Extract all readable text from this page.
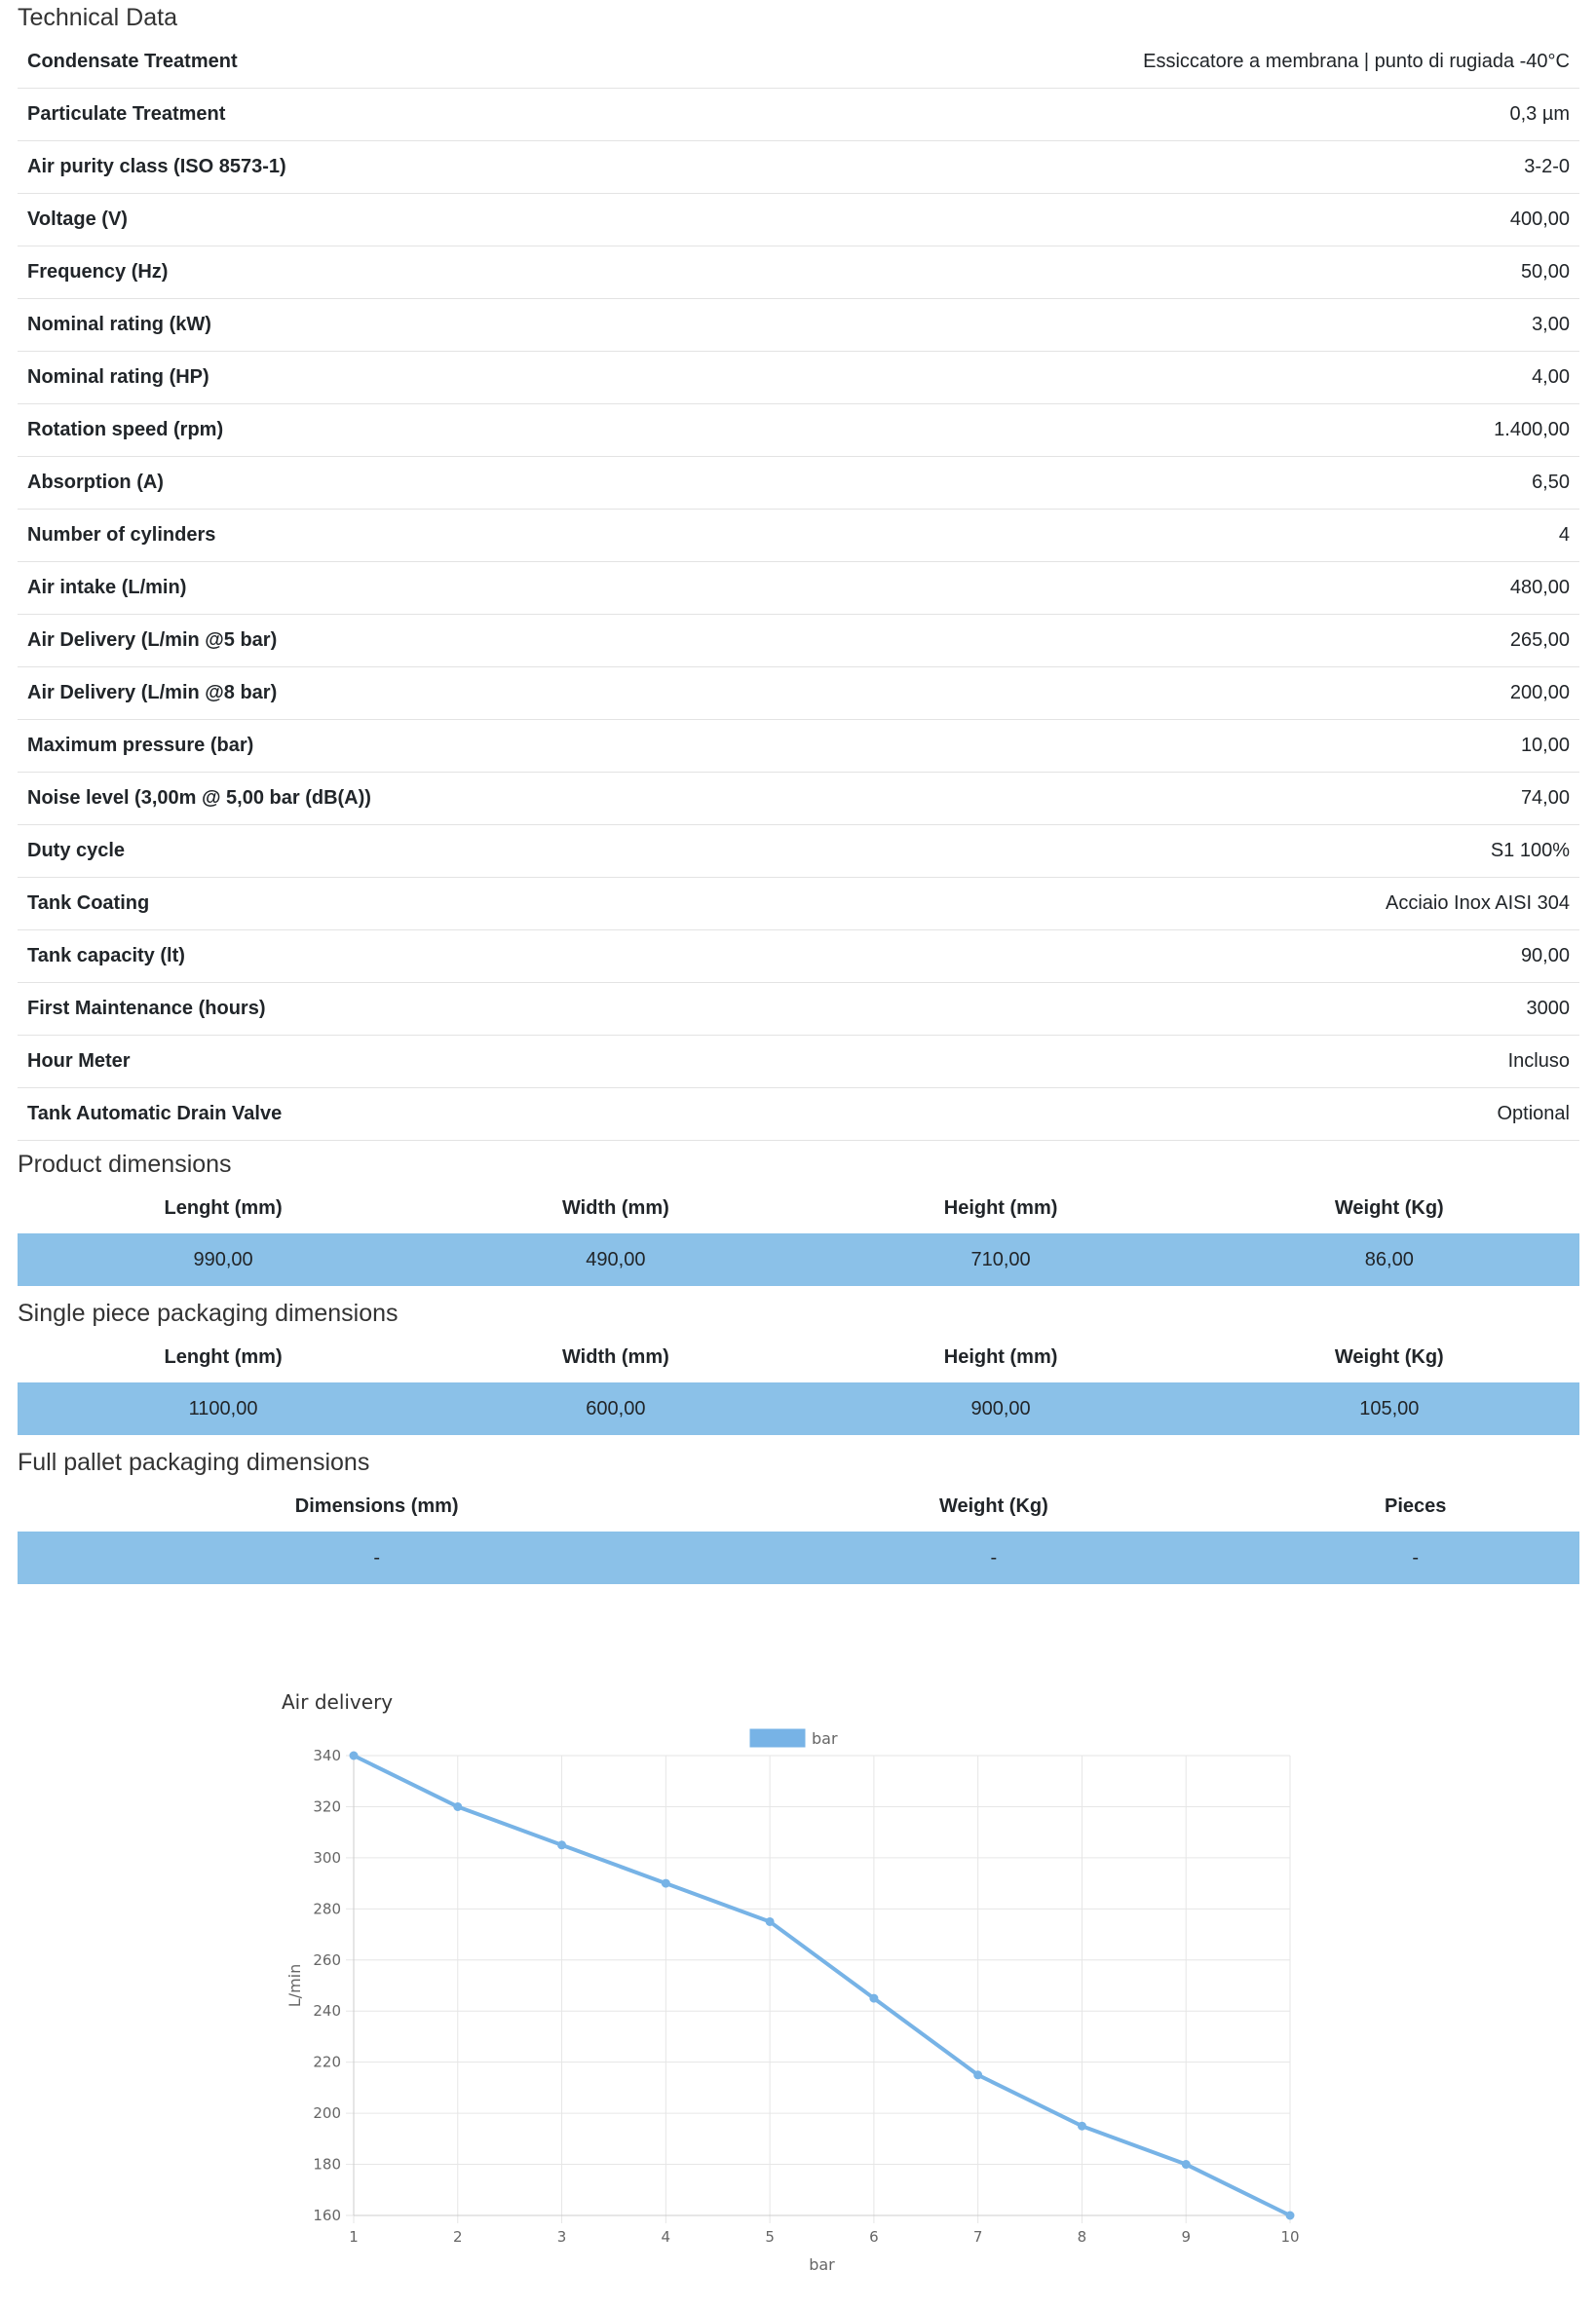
Technical Data
Condensate Treatment	Essiccatore a membrana | punto di rugiada -40°C
Particulate Treatment	0,3 µm
Air purity class (ISO 8573-1)	3-2-0
Voltage (V)	400,00
Frequency (Hz)	50,00
Nominal rating (kW)	3,00
Nominal rating (HP)	4,00
Rotation speed (rpm)	1.400,00
Absorption (A)	6,50
Number of cylinders	4
Air intake (L/min)	480,00
Air Delivery (L/min @5 bar)	265,00
Air Delivery (L/min @8 bar)	200,00
Maximum pressure (bar)	10,00
Noise level (3,00m @ 5,00 bar (dB(A))	74,00
Duty cycle	S1 100%
Tank Coating	Acciaio Inox AISI 304
Tank capacity (lt)	90,00
First Maintenance (hours)	3000
Hour Meter	Incluso
Tank Automatic Drain Valve	Optional
Product dimensions
Lenght (mm)	Width (mm)	Height (mm)	Weight (Kg)
990,00	490,00	710,00	86,00
Single piece packaging dimensions
Lenght (mm)	Width (mm)	Height (mm)	Weight (Kg)
1100,00	600,00	900,00	105,00
Full pallet packaging dimensions
Dimensions (mm)	Weight (Kg)	Pieces
-	-	-
Air delivery
bar
160
180
200
220
240
260
280
300
320
340
1	2	3	4	5	6	7	8	9	10
bar
L/min
